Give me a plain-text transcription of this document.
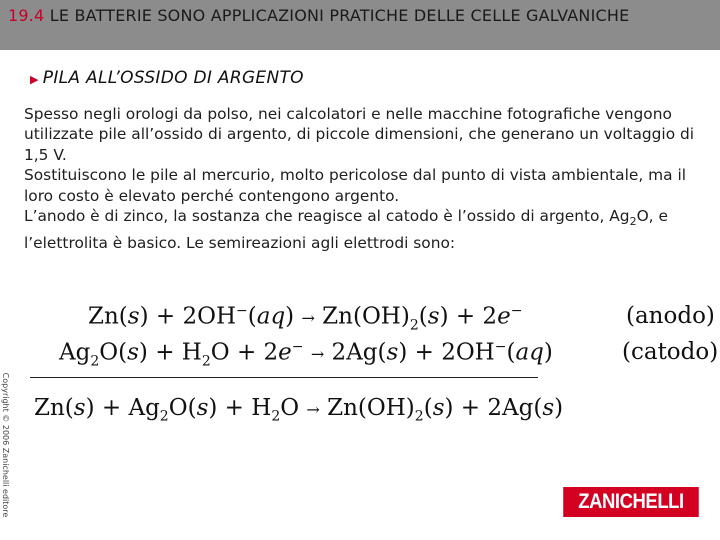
19.4 LE BATTERIE SONO APPLICAZIONI PRATICHE DELLE CELLE GALVANICHE
▶ PILA ALL’OSSIDO DI ARGENTO

Spesso negli orologi da polso, nei calcolatori e nelle macchine fotografiche vengono utilizzate pile all’ossido di argento, di piccole dimensioni, che generano un voltaggio di 1,5 V.

Sostituiscono le pile al mercurio, molto pericolose dal punto di vista ambientale, ma il loro costo è elevato perché contengono argento.

L’anodo è di zinco, la sostanza che reagisce al catodo è l’ossido di argento, $Ag_2O$, e l’elettrolita è basico. Le semireazioni agli elettrodi sono:

$Zn(s) + 2OH^-(aq) \to Zn(OH)_2(s) + 2e^-$	(anodo)
$Ag_2O(s) + H_2O + 2e^- \to 2Ag(s) + 2OH^-(aq)$	(catodo)
$Zn(s) + Ag_2O(s) + H_2O \to Zn(OH)_2(s) + 2Ag(s)$
Copyright © 2006 Zanichelli editore	ZANICHELLI
